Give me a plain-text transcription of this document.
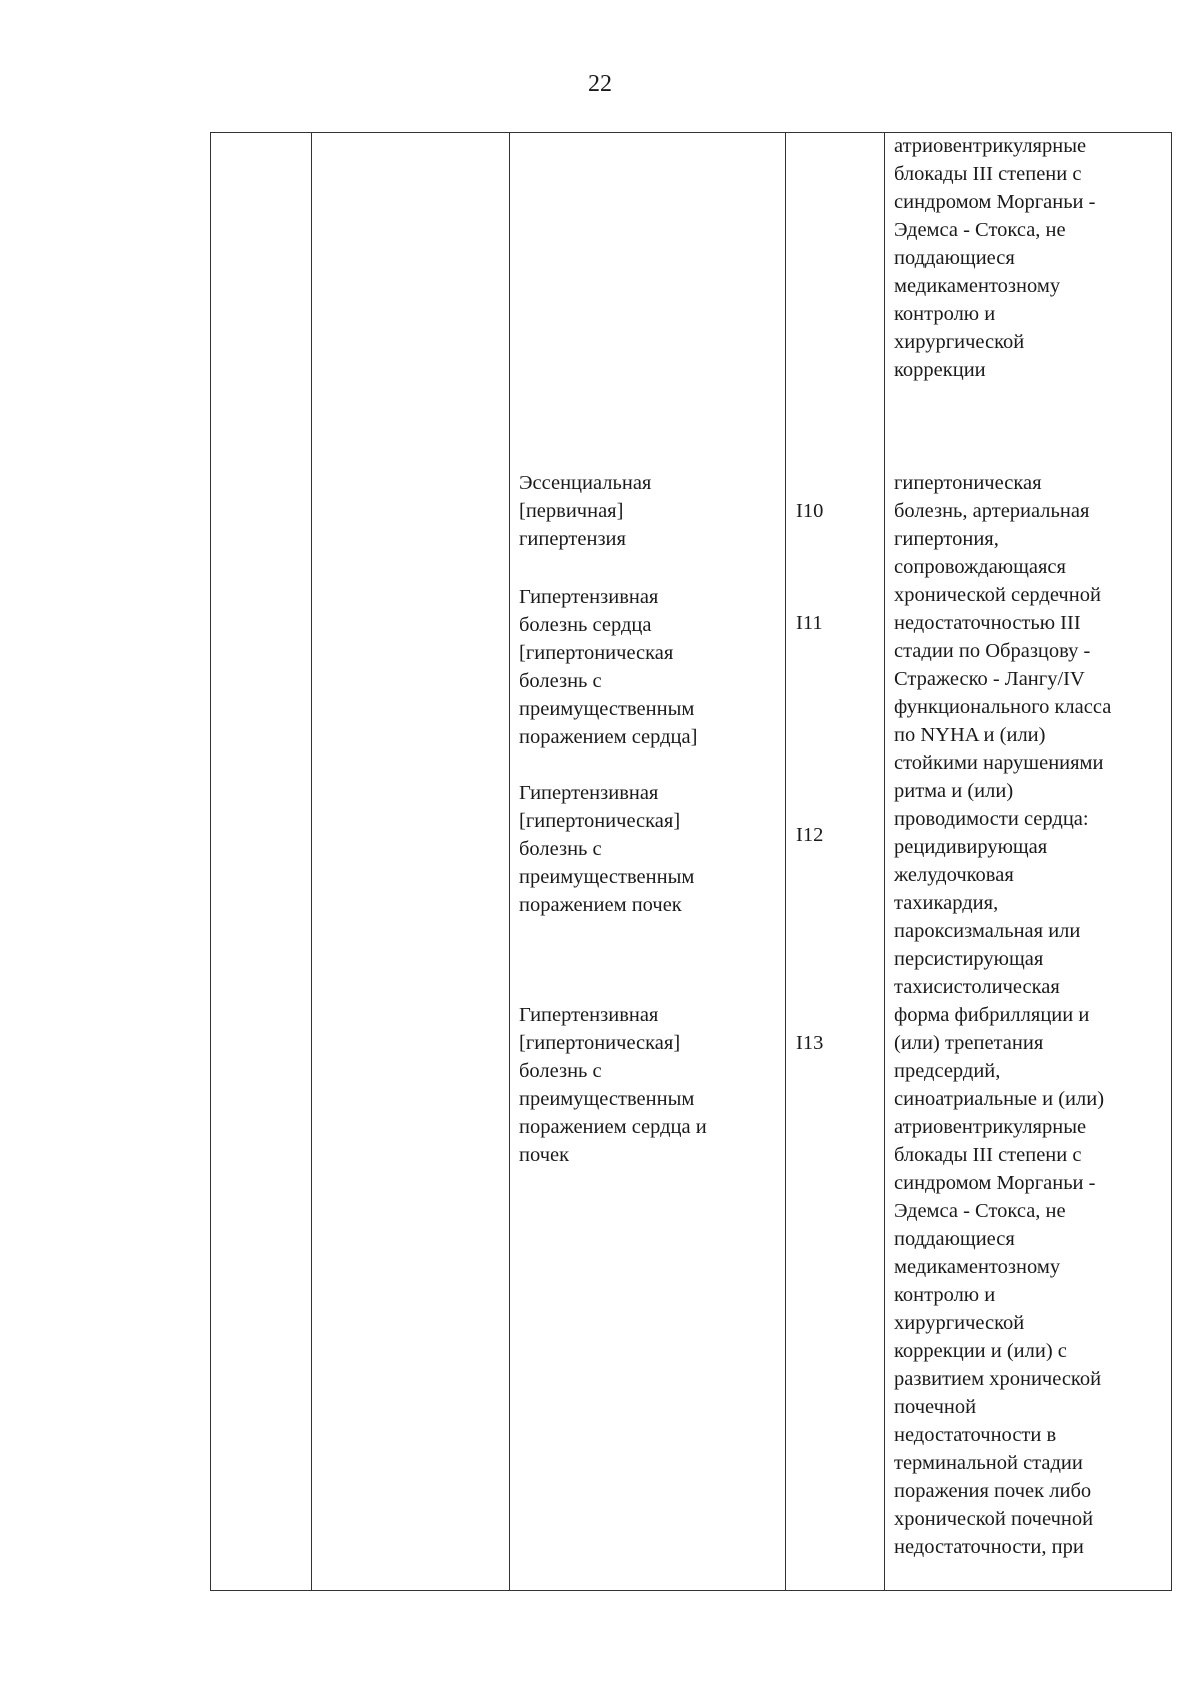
22

атриовентрикулярные
блокады III степени с
синдромом Морганьи -
Эдемса - Стокса, не
поддающиеся
медикаментозному
контролю и
хирургической
коррекции

Эссенциальная
[первичная]
гипертензия

I10

Гипертензивная
болезнь сердца
[гипертоническая
болезнь с
преимущественным
поражением сердца]

I11

Гипертензивная
[гипертоническая]
болезнь с
преимущественным
поражением почек

I12

Гипертензивная
[гипертоническая]
болезнь с
преимущественным
поражением сердца и
почек

I13

гипертоническая
болезнь, артериальная
гипертония,
сопровождающаяся
хронической сердечной
недостаточностью III
стадии по Образцову -
Стражеско - Лангу/IV
функционального класса
по NYHA и (или)
стойкими нарушениями
ритма и (или)
проводимости сердца:
рецидивирующая
желудочковая
тахикардия,
пароксизмальная или
персистирующая
тахисистолическая
форма фибрилляции и
(или) трепетания
предсердий,
синоатриальные и (или)
атриовентрикулярные
блокады III степени с
синдромом Морганьи -
Эдемса - Стокса, не
поддающиеся
медикаментозному
контролю и
хирургической
коррекции и (или) с
развитием хронической
почечной
недостаточности в
терминальной стадии
поражения почек либо
хронической почечной
недостаточности, при
